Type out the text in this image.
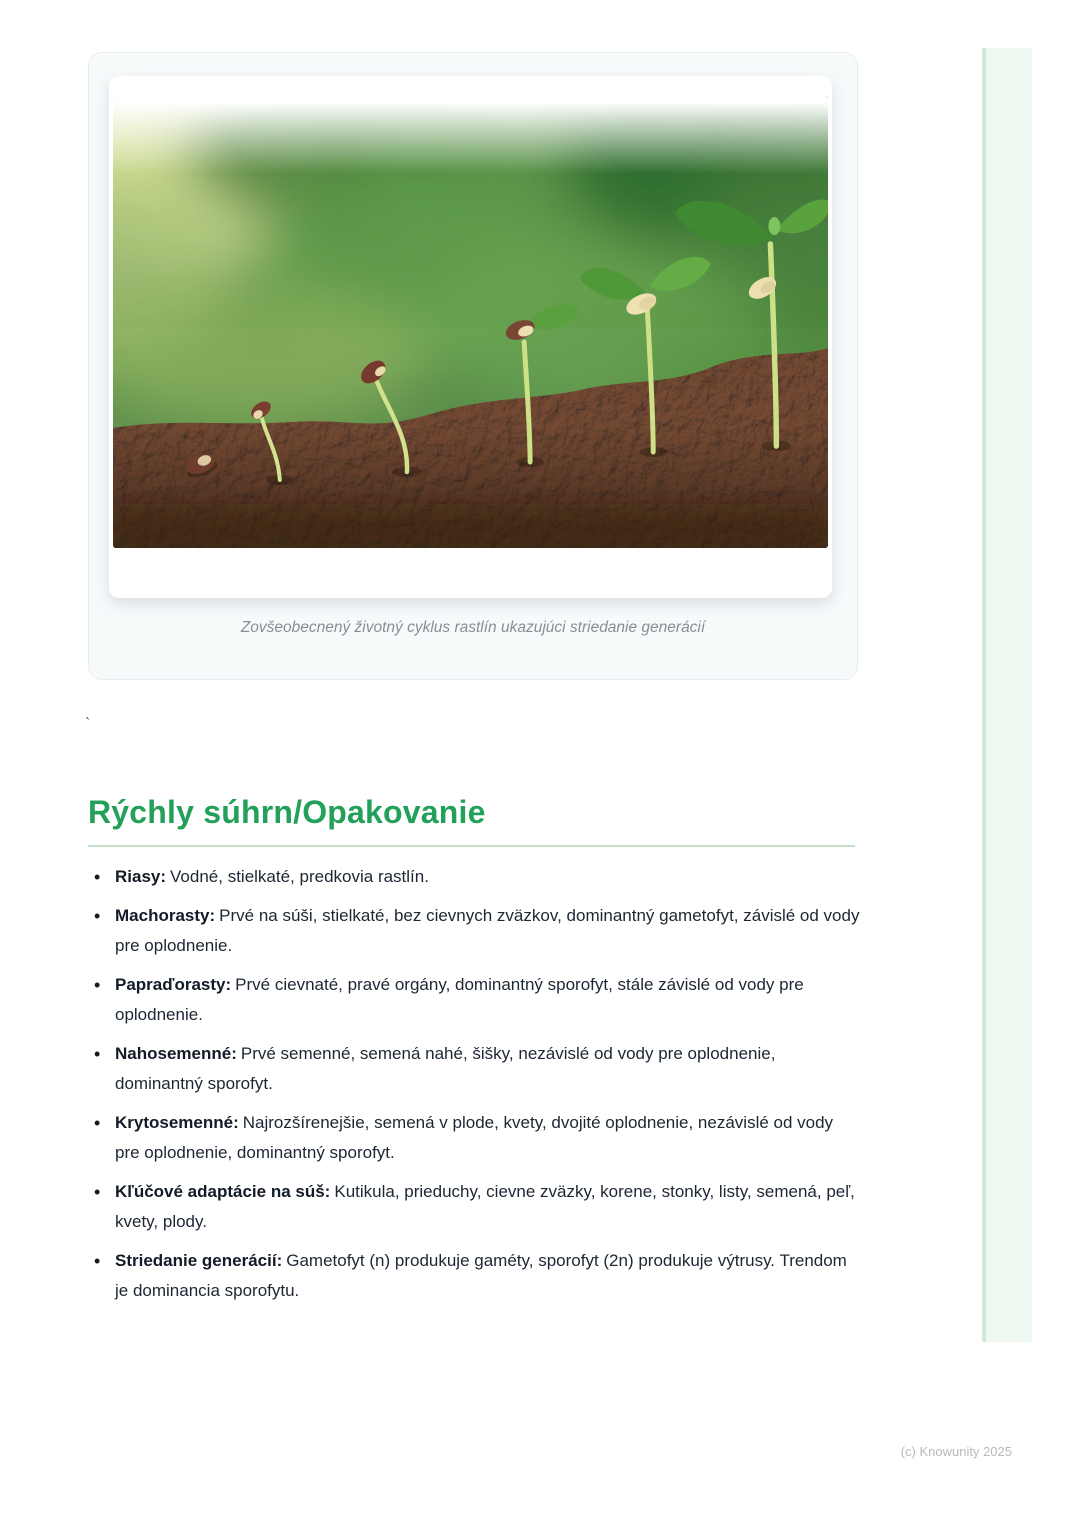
Zovšeobecnený životný cyklus rastlín ukazujúci striedanie generácií
`
Rýchly súhrn/Opakovanie
• Riasy: Vodné, stielkaté, predkovia rastlín.
• Machorasty: Prvé na súši, stielkaté, bez cievnych zväzkov, dominantný gametofyt, závislé od vody pre oplodnenie.
• Papraďorasty: Prvé cievnaté, pravé orgány, dominantný sporofyt, stále závislé od vody pre oplodnenie.
• Nahosemenné: Prvé semenné, semená nahé, šišky, nezávislé od vody pre oplodnenie, dominantný sporofyt.
• Krytosemenné: Najrozšírenejšie, semená v plode, kvety, dvojité oplodnenie, nezávislé od vody pre oplodnenie, dominantný sporofyt.
• Kľúčové adaptácie na súš: Kutikula, prieduchy, cievne zväzky, korene, stonky, listy, semená, peľ, kvety, plody.
• Striedanie generácií: Gametofyt (n) produkuje gaméty, sporofyt (2n) produkuje výtrusy. Trendom je dominancia sporofytu.
(c) Knowunity 2025
